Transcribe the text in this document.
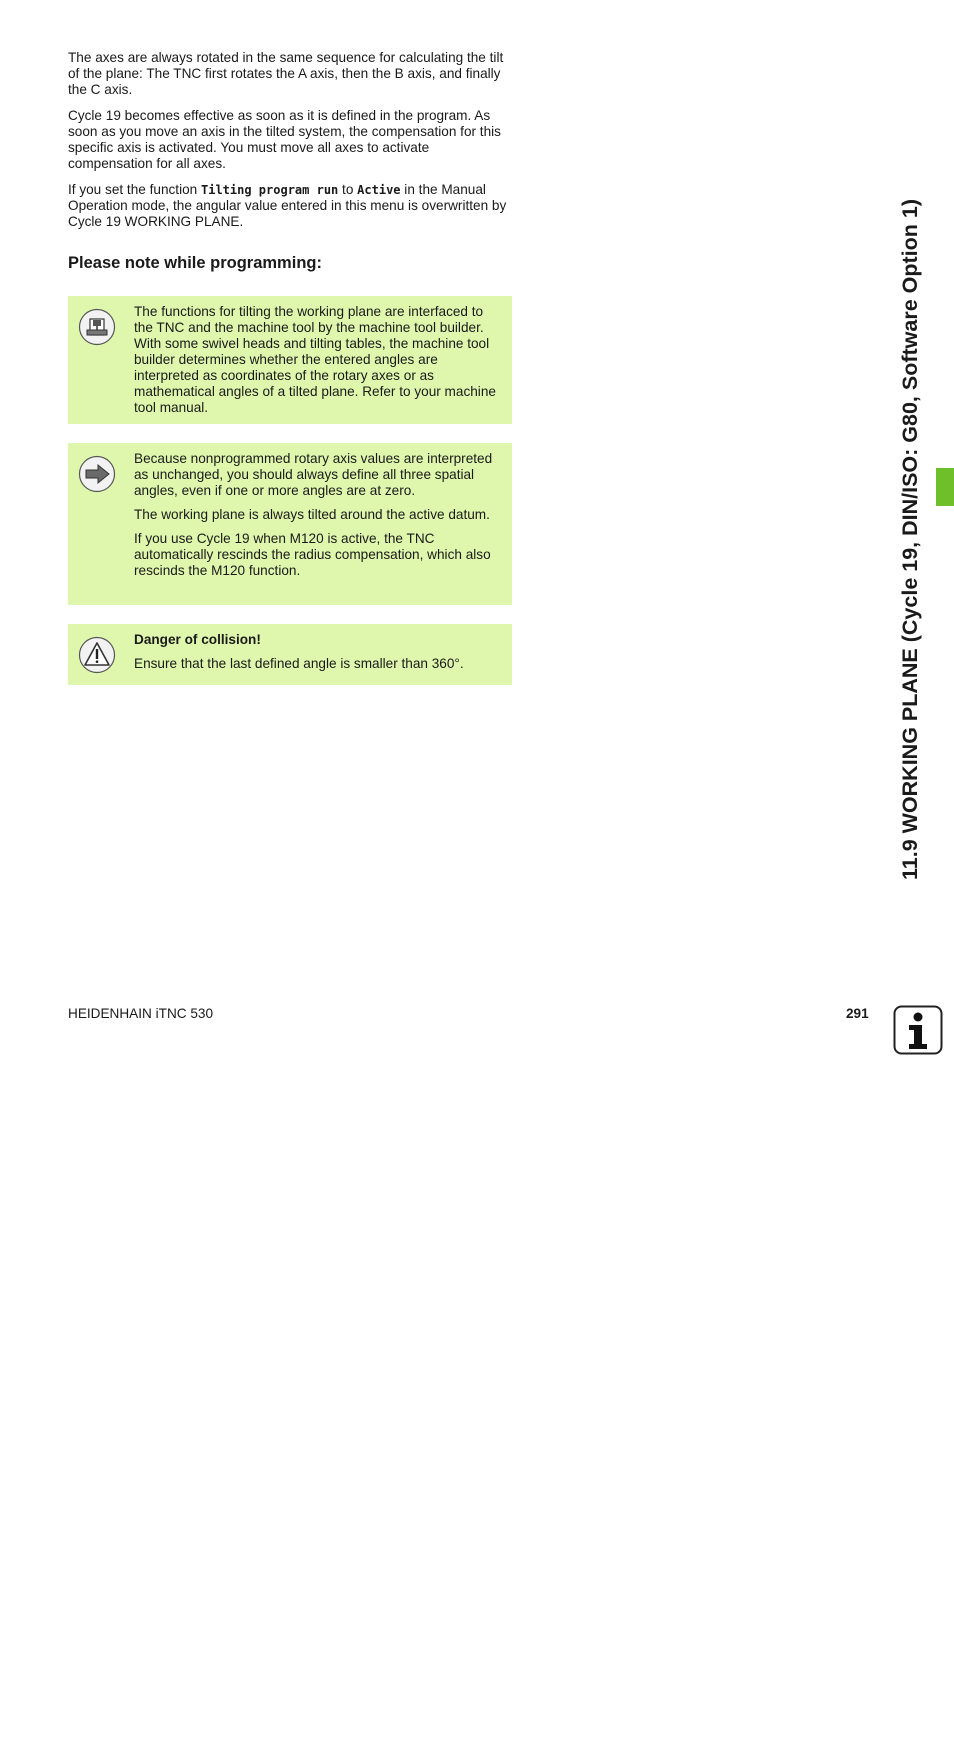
The axes are always rotated in the same sequence for calculating the tilt of the plane: The TNC first rotates the A axis, then the B axis, and finally the C axis.

Cycle 19 becomes effective as soon as it is defined in the program. As soon as you move an axis in the tilted system, the compensation for this specific axis is activated. You must move all axes to activate compensation for all axes.

If you set the function Tilting program run to Active in the Manual Operation mode, the angular value entered in this menu is overwritten by Cycle 19 WORKING PLANE.

Please note while programming:

The functions for tilting the working plane are interfaced to the TNC and the machine tool by the machine tool builder. With some swivel heads and tilting tables, the machine tool builder determines whether the entered angles are interpreted as coordinates of the rotary axes or as mathematical angles of a tilted plane. Refer to your machine tool manual.

Because nonprogrammed rotary axis values are interpreted as unchanged, you should always define all three spatial angles, even if one or more angles are at zero.

The working plane is always tilted around the active datum.

If you use Cycle 19 when M120 is active, the TNC automatically rescinds the radius compensation, which also rescinds the M120 function.

Danger of collision!

Ensure that the last defined angle is smaller than 360°.	11.9 WORKING PLANE (Cycle 19, DIN/ISO: G80, Software Option 1)
HEIDENHAIN iTNC 530	291
